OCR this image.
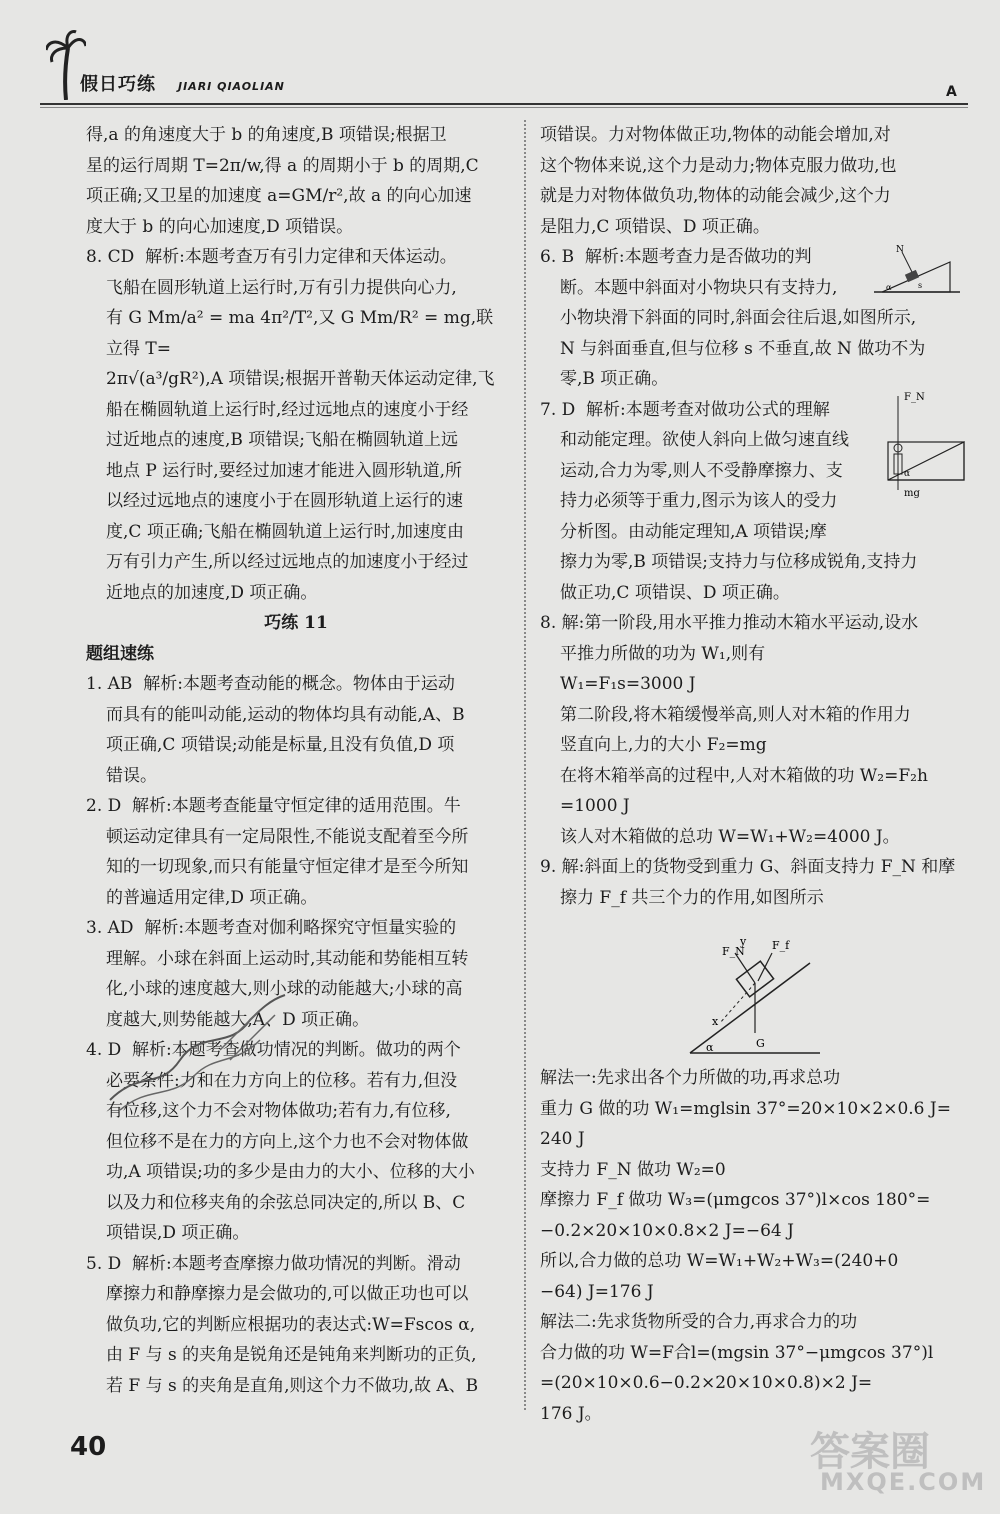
假日巧练 JIARI QIAOLIAN	A

得,a 的角速度大于 b 的角速度,B 项错误;根据卫

星的运行周期 T=2π/w,得 a 的周期小于 b 的周期,C

项正确;又卫星的加速度 a=GM/r²,故 a 的向心加速

度大于 b 的向心加速度,D 项错误。

8. CD  解析:本题考查万有引力定律和天体运动。

飞船在圆形轨道上运行时,万有引力提供向心力,

有 G Mm/a² = ma 4π²/T²,又 G Mm/R² = mg,联立得 T=

2π√(a³/gR²),A 项错误;根据开普勒天体运动定律,飞

船在椭圆轨道上运行时,经过远地点的速度小于经

过近地点的速度,B 项错误;飞船在椭圆轨道上远

地点 P 运行时,要经过加速才能进入圆形轨道,所

以经过远地点的速度小于在圆形轨道上运行的速

度,C 项正确;飞船在椭圆轨道上运行时,加速度由

万有引力产生,所以经过远地点的加速度小于经过

近地点的加速度,D 项正确。

巧练 11

题组速练

1. AB  解析:本题考查动能的概念。物体由于运动

而具有的能叫动能,运动的物体均具有动能,A、B

项正确,C 项错误;动能是标量,且没有负值,D 项

错误。

2. D  解析:本题考查能量守恒定律的适用范围。牛

顿运动定律具有一定局限性,不能说支配着至今所

知的一切现象,而只有能量守恒定律才是至今所知

的普遍适用定律,D 项正确。

3. AD  解析:本题考查对伽利略探究守恒量实验的

理解。小球在斜面上运动时,其动能和势能相互转

化,小球的速度越大,则小球的动能越大;小球的高

度越大,则势能越大,A、D 项正确。

4. D  解析:本题考查做功情况的判断。做功的两个

必要条件:力和在力方向上的位移。若有力,但没

有位移,这个力不会对物体做功;若有力,有位移,

但位移不是在力的方向上,这个力也不会对物体做

功,A 项错误;功的多少是由力的大小、位移的大小

以及力和位移夹角的余弦总同决定的,所以 B、C

项错误,D 项正确。

5. D  解析:本题考查摩擦力做功情况的判断。滑动

摩擦力和静摩擦力是会做功的,可以做正功也可以

做负功,它的判断应根据功的表达式:W=Fscos α,

由 F 与 s 的夹角是锐角还是钝角来判断功的正负,

若 F 与 s 的夹角是直角,则这个力不做功,故 A、B

项错误。力对物体做正功,物体的动能会增加,对

这个物体来说,这个力是动力;物体克服力做功,也

就是力对物体做负功,物体的动能会减少,这个力

是阻力,C 项错误、D 项正确。

6. B  解析:本题考查力是否做功的判

断。本题中斜面对小物块只有支持力,

小物块滑下斜面的同时,斜面会往后退,如图所示,

N 与斜面垂直,但与位移 s 不垂直,故 N 做功不为

零,B 项正确。

7. D  解析:本题考查对做功公式的理解

和动能定理。欲使人斜向上做匀速直线

运动,合力为零,则人不受静摩擦力、支

持力必须等于重力,图示为该人的受力

分析图。由动能定理知,A 项错误;摩

擦力为零,B 项错误;支持力与位移成锐角,支持力

做正功,C 项错误、D 项正确。

8. 解:第一阶段,用水平推力推动木箱水平运动,设水

平推力所做的功为 W₁,则有

W₁=F₁s=3000 J

第二阶段,将木箱缓慢举高,则人对木箱的作用力

竖直向上,力的大小 F₂=mg

在将木箱举高的过程中,人对木箱做的功 W₂=F₂h

=1000 J

该人对木箱做的总功 W=W₁+W₂=4000 J。

9. 解:斜面上的货物受到重力 G、斜面支持力 F_N 和摩

擦力 F_f 共三个力的作用,如图所示

F_N
y F_f
x
G
α

解法一:先求出各个力所做的功,再求总功

重力 G 做的功 W₁=mglsin 37°=20×10×2×0.6 J=

240 J

支持力 F_N 做功 W₂=0

摩擦力 F_f 做功 W₃=(μmgcos 37°)l×cos 180°=

−0.2×20×10×0.8×2 J=−64 J

所以,合力做的总功 W=W₁+W₂+W₃=(240+0

−64) J=176 J

解法二:先求货物所受的合力,再求合力的功

合力做的功 W=F合l=(mgsin 37°−μmgcos 37°)l

=(20×10×0.6−0.2×20×10×0.8)×2 J=

176 J。

N
s
α
F_N
α
mg
40	答案圈
MXQE.COM
